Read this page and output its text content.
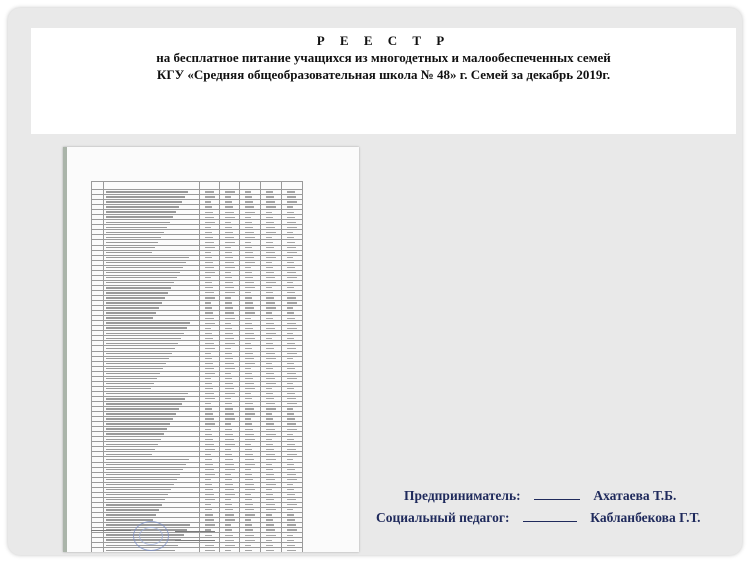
Р Е Е С Т Р
на бесплатное питание учащихся из многодетных и малообеспеченных семей
КГУ «Средняя общеобразовательная школа № 48» г. Семей за декабрь 2019г.

Предприниматель:	Ахатаева Т.Б.
Социальный педагог:	Кабланбекова Г.Т.
